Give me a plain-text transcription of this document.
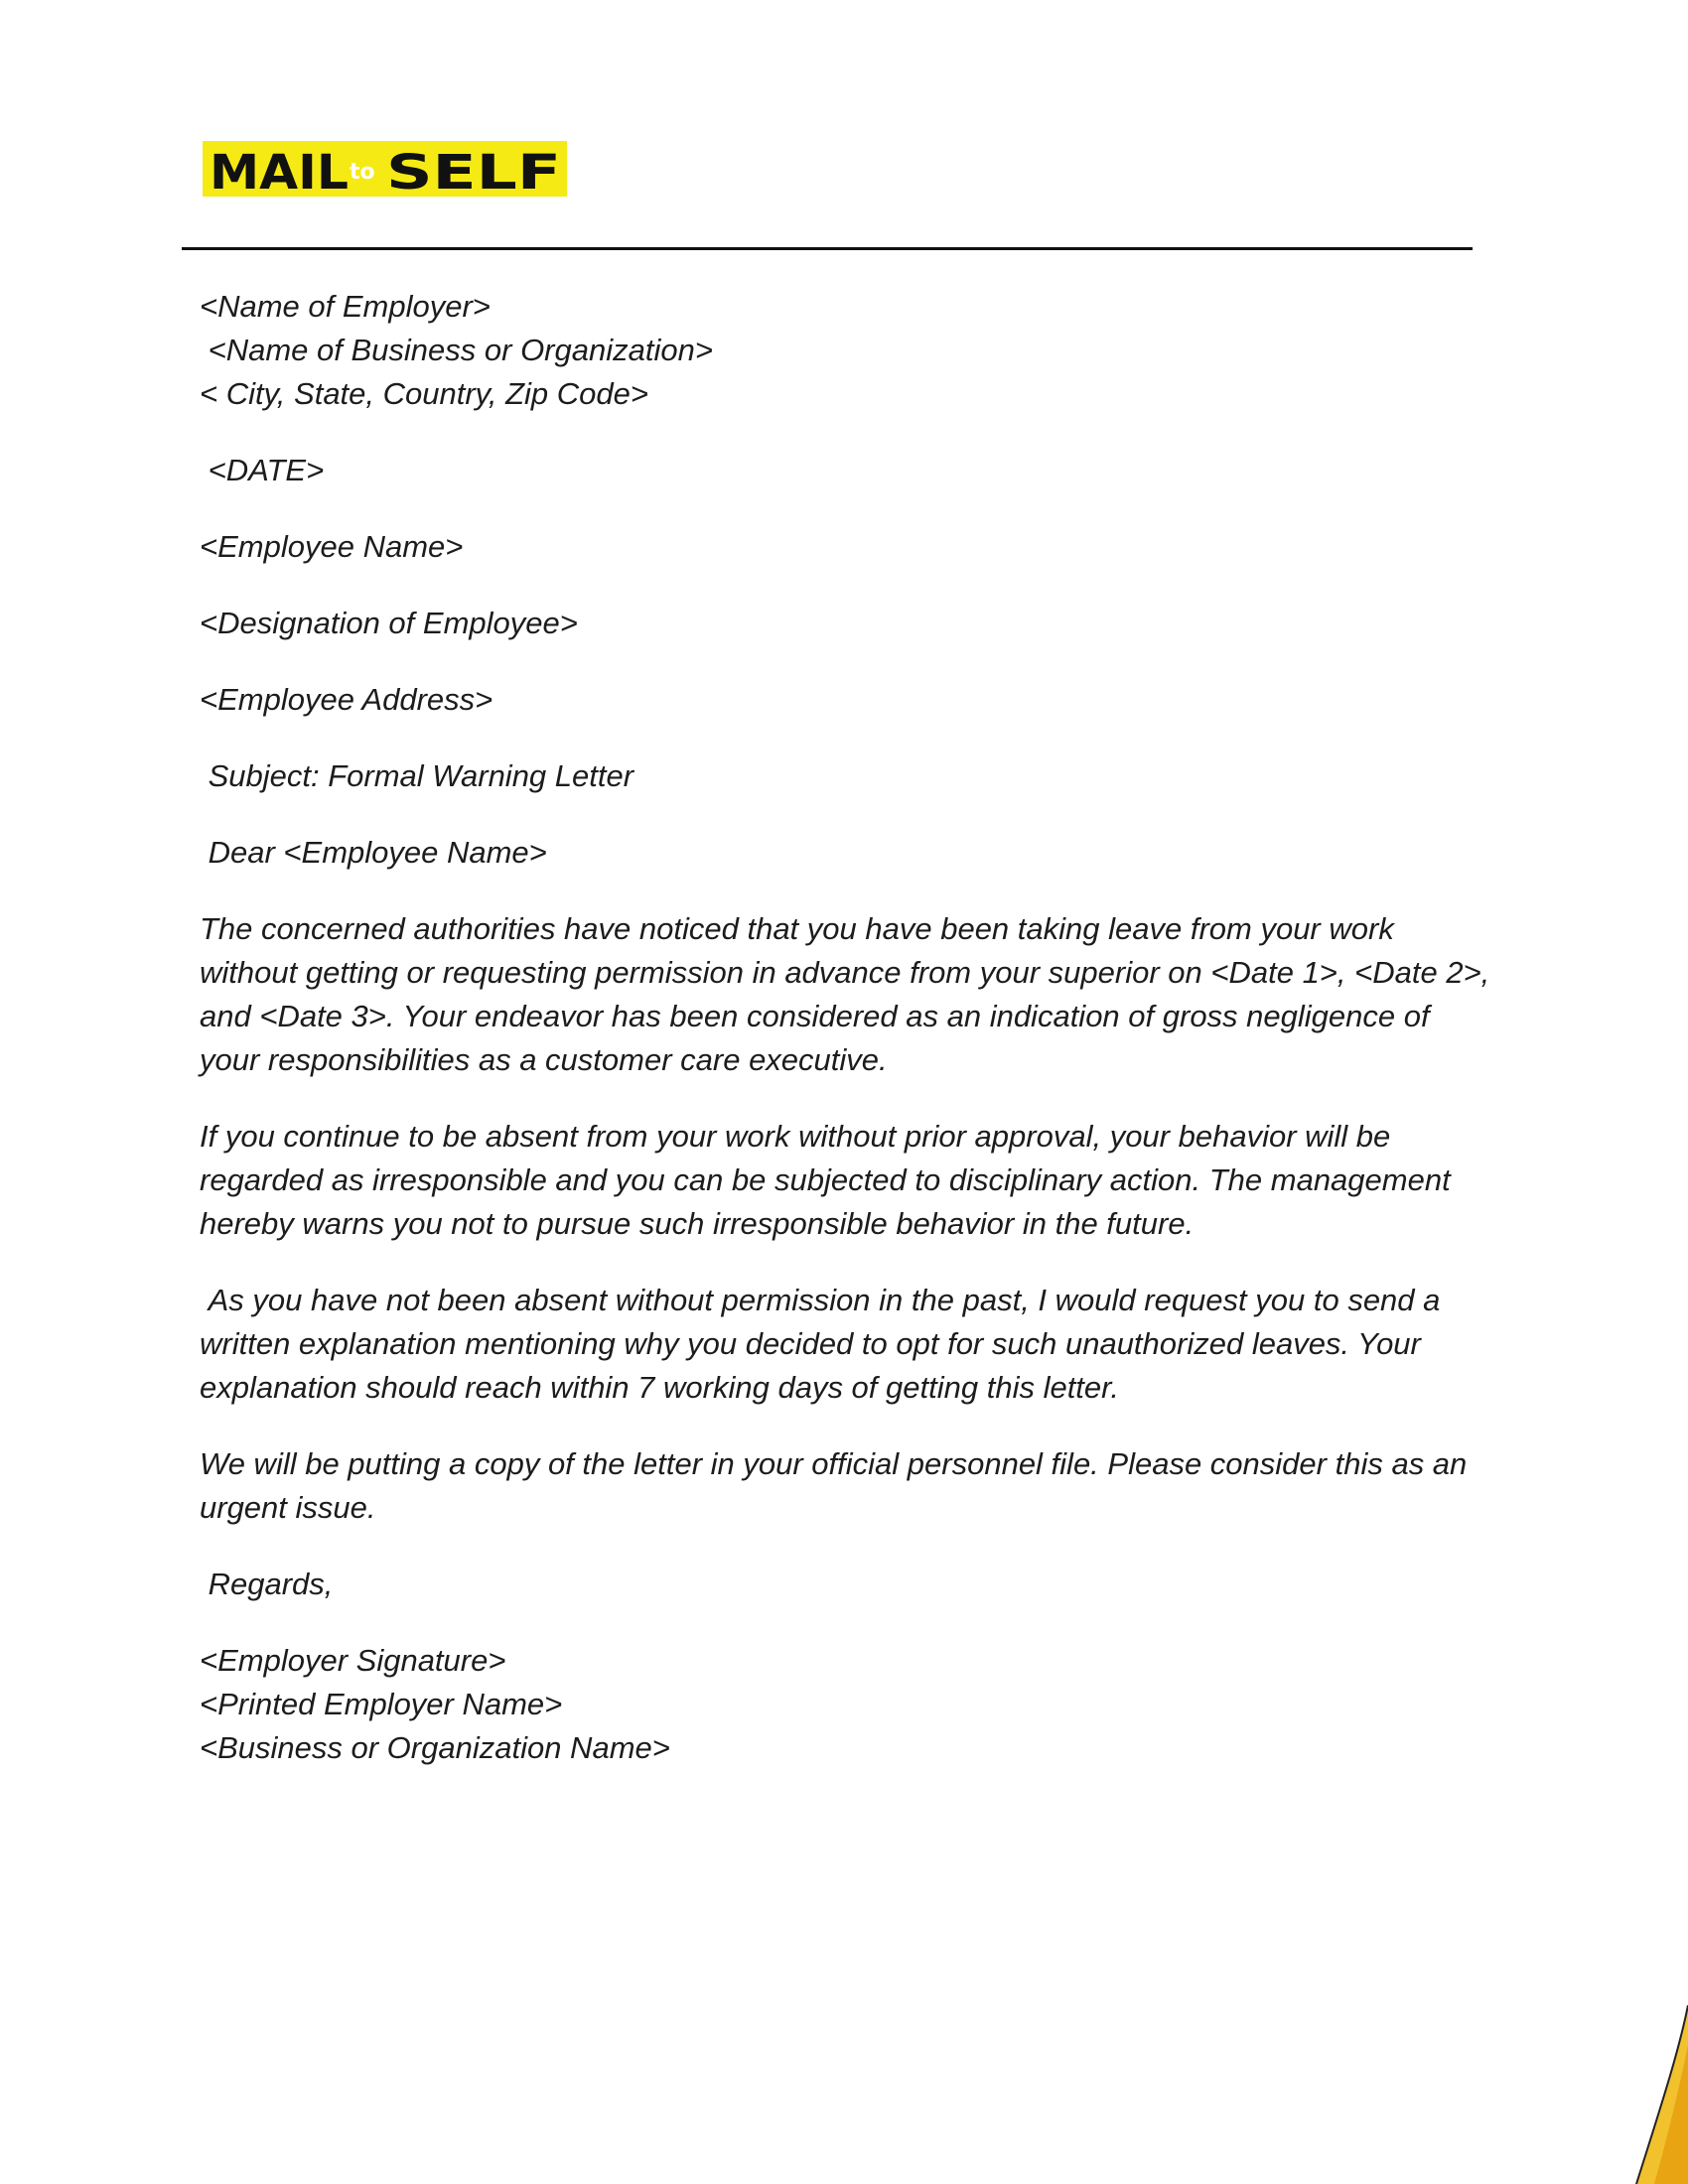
MAIL to SELF
<Name of Employer>
<Name of Business or Organization>
< City, State, Country, Zip Code>
<DATE>
<Employee Name>
<Designation of Employee>
<Employee Address>
Subject: Formal Warning Letter
Dear <Employee Name>

The concerned authorities have noticed that you have been taking leave from your work without getting or requesting permission in advance from your superior on <Date 1>, <Date 2>, and <Date 3>. Your endeavor has been considered as an indication of gross negligence of your responsibilities as a customer care executive.

If you continue to be absent from your work without prior approval, your behavior will be regarded as irresponsible and you can be subjected to disciplinary action. The management hereby warns you not to pursue such irresponsible behavior in the future.

As you have not been absent without permission in the past, I would request you to send a written explanation mentioning why you decided to opt for such unauthorized leaves. Your explanation should reach within 7 working days of getting this letter.

We will be putting a copy of the letter in your official personnel file. Please consider this as an urgent issue.

Regards,
<Employer Signature>
<Printed Employer Name>
<Business or Organization Name>
